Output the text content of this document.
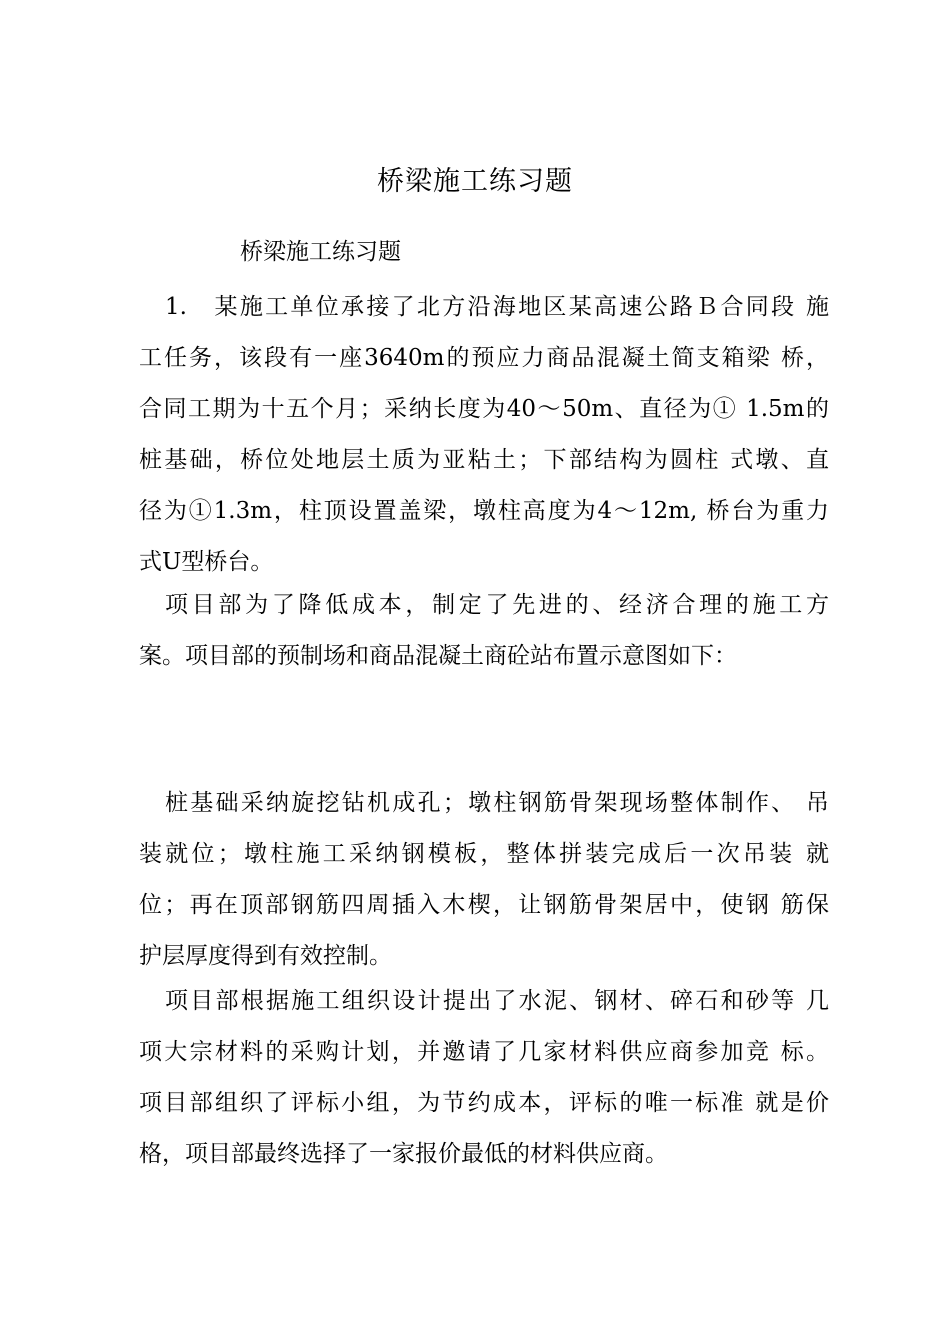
桥梁施工练习题
桥梁施工练习题
1.　某施工单位承接了北方沿海地区某高速公路Ｂ合同段 施
工任务，该段有一座3640m的预应力商品混凝土简支箱梁 桥，
合同工期为十五个月；采纳长度为40〜50m、直径为① 1.5m的
桩基础，桥位处地层土质为亚粘土；下部结构为圆柱 式墩、直
径为①1.3m，柱顶设置盖梁，墩柱高度为4〜12m, 桥台为重力
式U型桥台。
项目部为了降低成本，制定了先进的、经济合理的施工方
案。项目部的预制场和商品混凝土商砼站布置示意图如下：
桩基础采纳旋挖钻机成孔；墩柱钢筋骨架现场整体制作、 吊
装就位；墩柱施工采纳钢模板，整体拼装完成后一次吊装 就
位；再在顶部钢筋四周插入木楔，让钢筋骨架居中，使钢 筋保
护层厚度得到有效控制。
项目部根据施工组织设计提出了水泥、钢材、碎石和砂等 几
项大宗材料的采购计划，并邀请了几家材料供应商参加竞 标。
项目部组织了评标小组，为节约成本，评标的唯一标准 就是价
格，项目部最终选择了一家报价最低的材料供应商。
